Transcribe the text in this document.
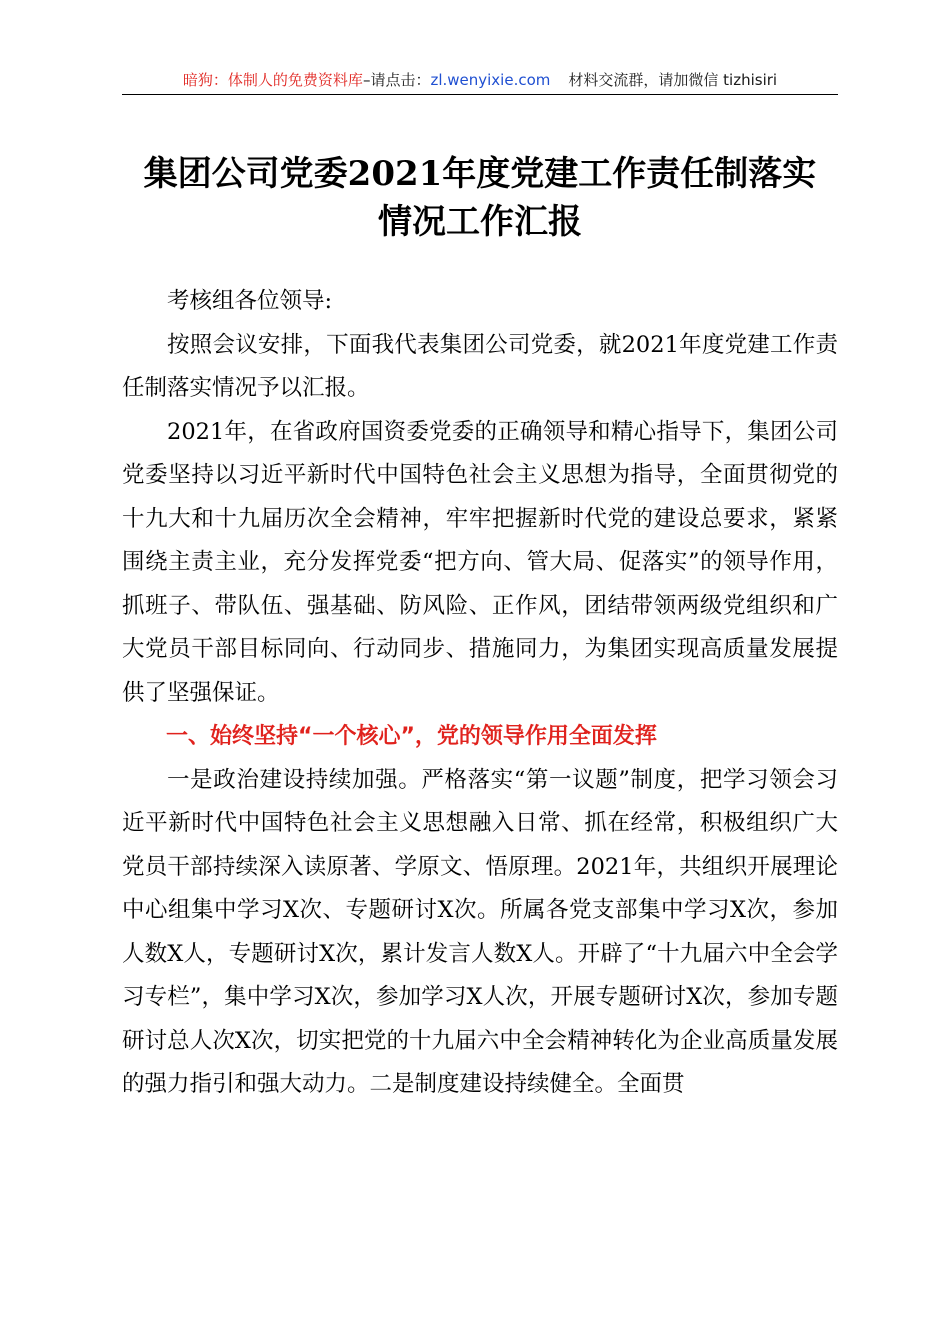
暗狗：体制人的免费资料库–请点击：zl.wenyixie.com 材料交流群，请加微信 tizhisiri
集团公司党委2021年度党建工作责任制落实
情况工作汇报

考核组各位领导:

按照会议安排，下面我代表集团公司党委，就2021年度党建工作责任制落实情况予以汇报。

2021年，在省政府国资委党委的正确领导和精心指导下，集团公司党委坚持以习近平新时代中国特色社会主义思想为指导，全面贯彻党的十九大和十九届历次全会精神，牢牢把握新时代党的建设总要求，紧紧围绕主责主业，充分发挥党委“把方向、管大局、促落实”的领导作用，抓班子、带队伍、强基础、防风险、正作风，团结带领两级党组织和广大党员干部目标同向、行动同步、措施同力，为集团实现高质量发展提供了坚强保证。

一、始终坚持“一个核心”，党的领导作用全面发挥

一是政治建设持续加强。严格落实“第一议题”制度，把学习领会习近平新时代中国特色社会主义思想融入日常、抓在经常，积极组织广大党员干部持续深入读原著、学原文、悟原理。2021年，共组织开展理论中心组集中学习X次、专题研讨X次。所属各党支部集中学习X次，参加人数X人，专题研讨X次，累计发言人数X人。开辟了“十九届六中全会学习专栏”，集中学习X次，参加学习X人次，开展专题研讨X次，参加专题研讨总人次X次，切实把党的十九届六中全会精神转化为企业高质量发展的强力指引和强大动力。二是制度建设持续健全。全面贯
